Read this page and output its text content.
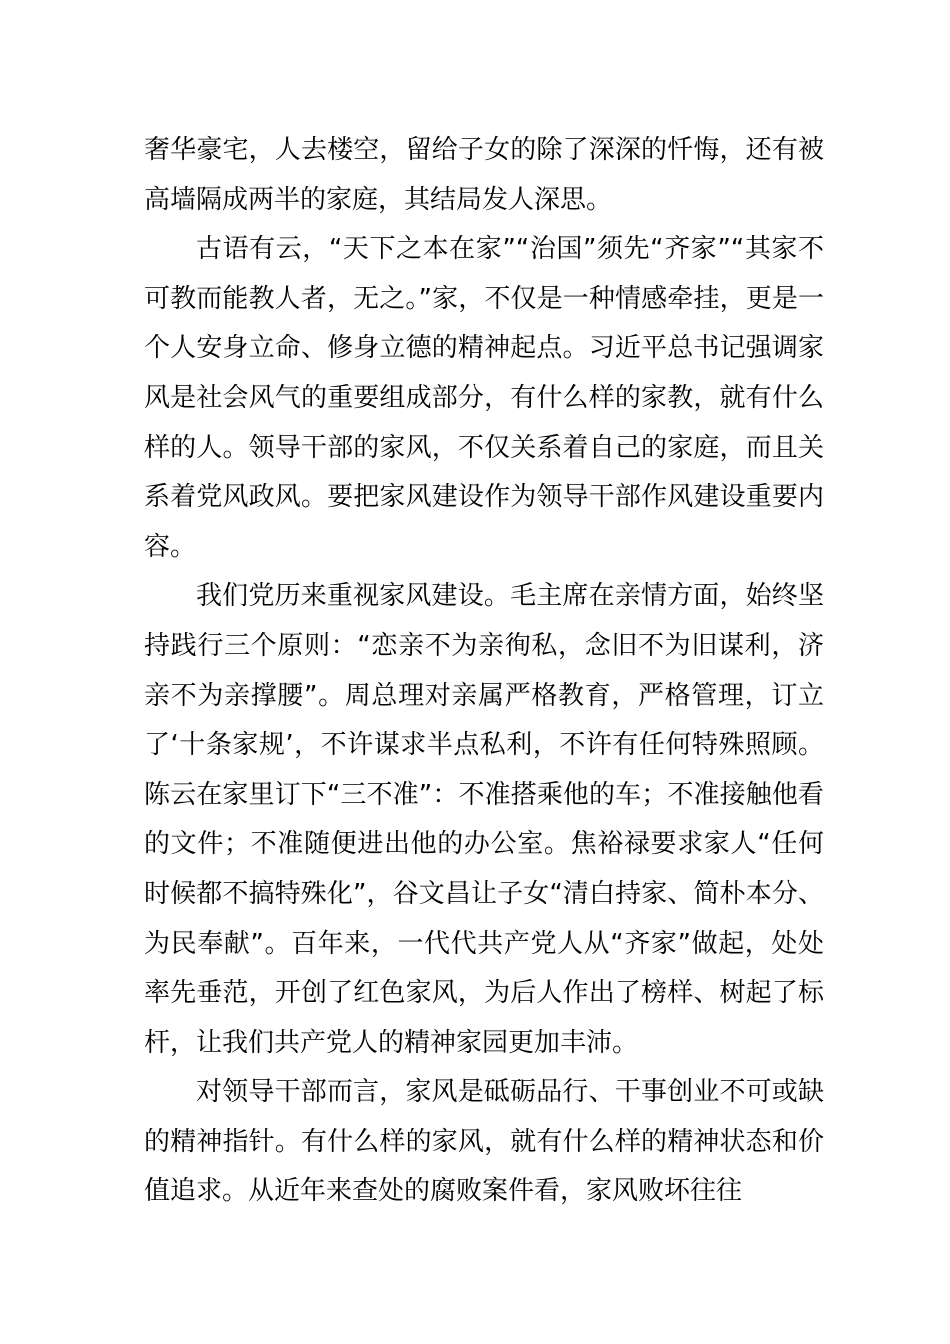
奢华豪宅，人去楼空，留给子女的除了深深的忏悔，还有被高墙隔成两半的家庭，其结局发人深思。

古语有云，“天下之本在家”“治国”须先“齐家”“其家不可教而能教人者，无之。”家，不仅是一种情感牵挂，更是一个人安身立命、修身立德的精神起点。习近平总书记强调家风是社会风气的重要组成部分，有什么样的家教，就有什么样的人。领导干部的家风，不仅关系着自己的家庭，而且关系着党风政风。要把家风建设作为领导干部作风建设重要内容。

我们党历来重视家风建设。毛主席在亲情方面，始终坚持践行三个原则：“恋亲不为亲徇私，念旧不为旧谋利，济亲不为亲撑腰”。周总理对亲属严格教育，严格管理，订立了‘十条家规’，不许谋求半点私利，不许有任何特殊照顾。陈云在家里订下“三不准”：不准搭乘他的车；不准接触他看的文件；不准随便进出他的办公室。焦裕禄要求家人“任何时候都不搞特殊化”，谷文昌让子女“清白持家、简朴本分、为民奉献”。百年来，一代代共产党人从“齐家”做起，处处率先垂范，开创了红色家风，为后人作出了榜样、树起了标杆，让我们共产党人的精神家园更加丰沛。

对领导干部而言，家风是砥砺品行、干事创业不可或缺的精神指针。有什么样的家风，就有什么样的精神状态和价值追求。从近年来查处的腐败案件看，家风败坏往往
